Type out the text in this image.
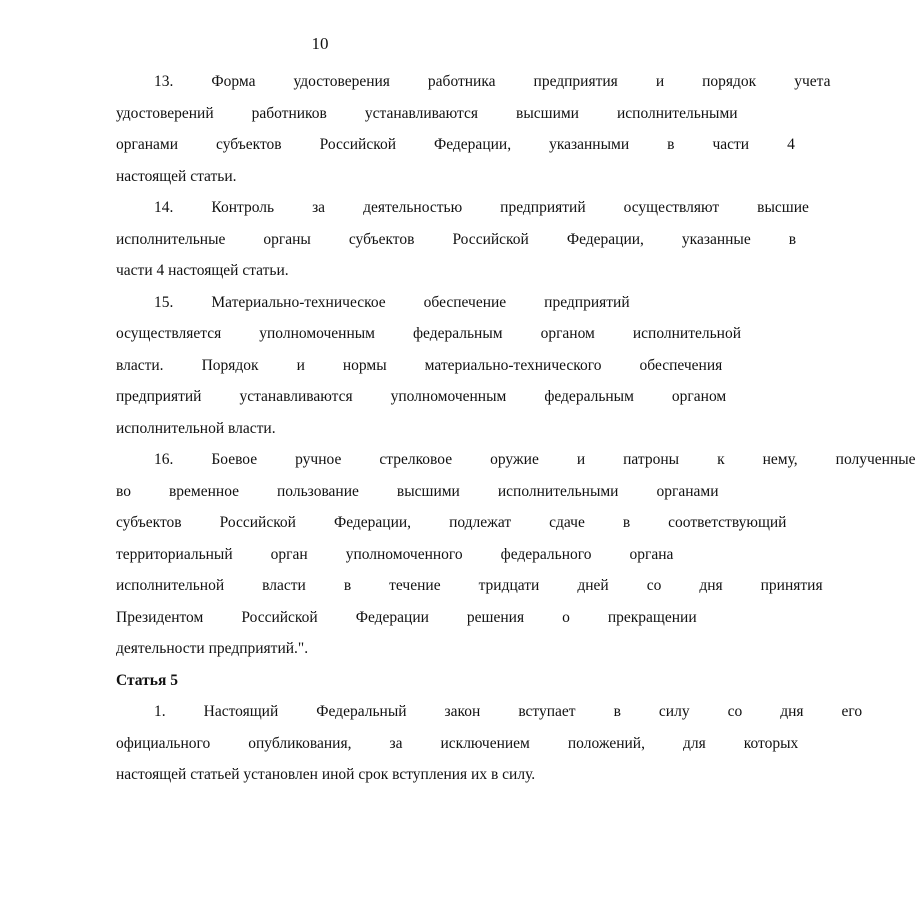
10
13.	Форма	удостоверения	работника	предприятия	и	порядок	учета
удостоверений	работников	устанавливаются	высшими	исполнительными
органами	субъектов	Российской	Федерации,	указанными	в	части	4
настоящей статьи.
14.	Контроль	за	деятельностью	предприятий	осуществляют	высшие
исполнительные	органы	субъектов	Российской	Федерации,	указанные	в
части 4 настоящей статьи.
15.	Материально-техническое	обеспечение	предприятий
осуществляется	уполномоченным	федеральным	органом	исполнительной
власти.	Порядок	и	нормы	материально-технического	обеспечения
предприятий	устанавливаются	уполномоченным	федеральным	органом
исполнительной власти.
16.	Боевое	ручное	стрелковое	оружие	и	патроны	к	нему,	полученные
во	временное	пользование	высшими	исполнительными	органами
субъектов	Российской	Федерации,	подлежат	сдаче	в	соответствующий
территориальный	орган	уполномоченного	федерального	органа
исполнительной	власти	в	течение	тридцати	дней	со	дня	принятия
Президентом	Российской	Федерации	решения	о	прекращении
деятельности предприятий.".
Статья 5
1.	Настоящий	Федеральный	закон	вступает	в	силу	со	дня	его
официального	опубликования,	за	исключением	положений,	для	которых
настоящей статьей установлен иной срок вступления их в силу.
